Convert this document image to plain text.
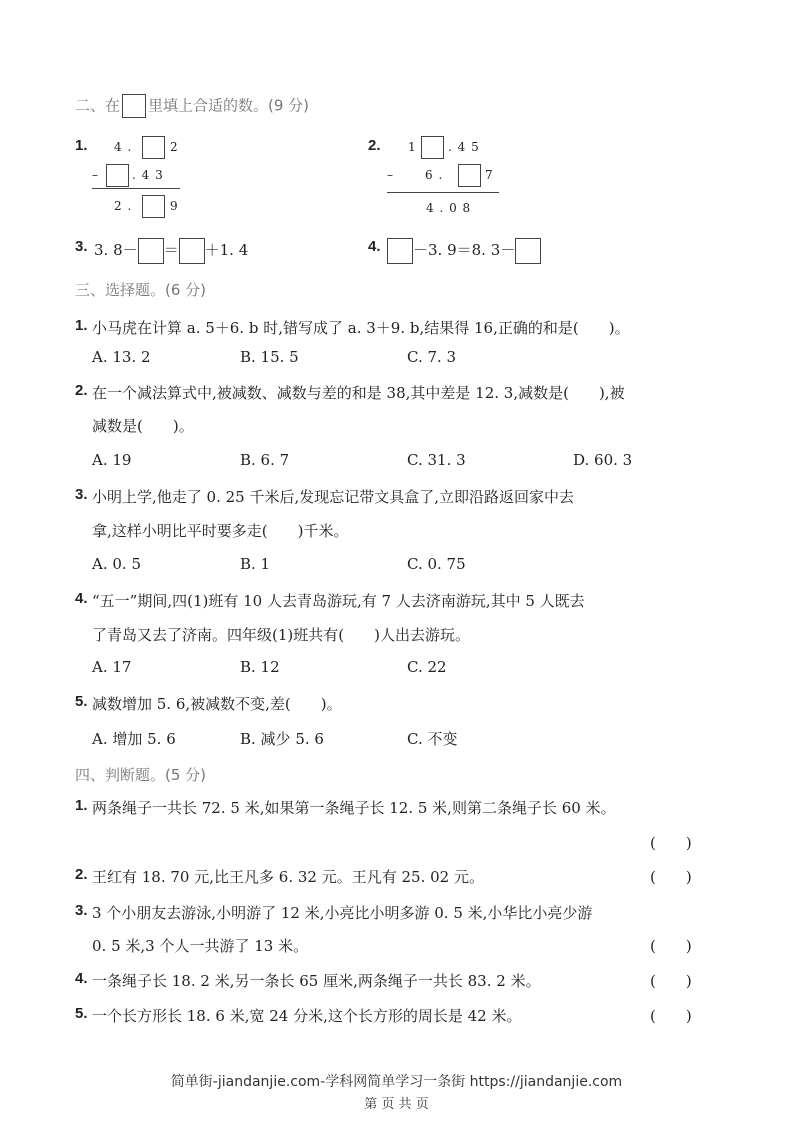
二、在 里填上合适的数。(9 分)
1. 4 .	2
–	. 4 3
2 .	9
2. 1	. 4 5
–	6 .	7
4 . 0 8
3. 3. 8－ ＝ ＋1. 4	4.	－3. 9＝8. 3－
三、选择题。(6 分)
1. 小马虎在计算 a. 5＋6. b 时,错写成了 a. 3＋9. b,结果得 16,正确的和是(　　)。
A. 13. 2	B. 15. 5	C. 7. 3
2. 在一个减法算式中,被减数、减数与差的和是 38,其中差是 12. 3,减数是(　　),被
减数是(　　)。
A. 19	B. 6. 7	C. 31. 3	D. 60. 3
3. 小明上学,他走了 0. 25 千米后,发现忘记带文具盒了,立即沿路返回家中去
拿,这样小明比平时要多走(　　)千米。
A. 0. 5	B. 1	C. 0. 75
4. “五一”期间,四(1)班有 10 人去青岛游玩,有 7 人去济南游玩,其中 5 人既去
了青岛又去了济南。四年级(1)班共有(　　)人出去游玩。
A. 17	B. 12	C. 22
5. 减数增加 5. 6,被减数不变,差(　　)。
A. 增加 5. 6	B. 减少 5. 6	C. 不变
四、判断题。(5 分)
1. 两条绳子一共长 72. 5 米,如果第一条绳子长 12. 5 米,则第二条绳子长 60 米。
(　　)
2. 王红有 18. 70 元,比王凡多 6. 32 元。王凡有 25. 02 元。	(　　)
3. 3 个小朋友去游泳,小明游了 12 米,小亮比小明多游 0. 5 米,小华比小亮少游
0. 5 米,3 个人一共游了 13 米。	(　　)
4. 一条绳子长 18. 2 米,另一条长 65 厘米,两条绳子一共长 83. 2 米。	(　　)
5. 一个长方形长 18. 6 米,宽 24 分米,这个长方形的周长是 42 米。	(　　)
简单街-jiandanjie.com-学科网简单学习一条街 https://jiandanjie.com
第 页 共 页
